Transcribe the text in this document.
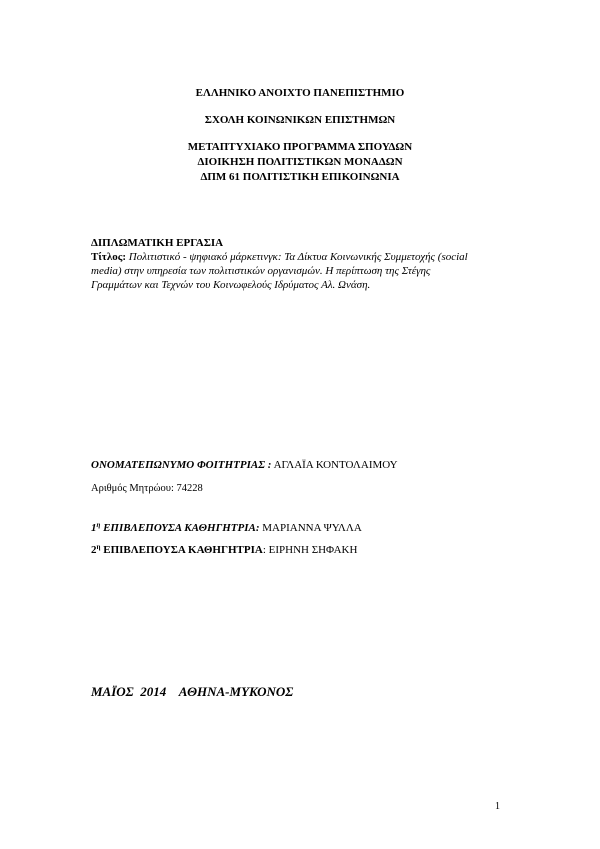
ΕΛΛΗΝΙΚΟ ΑΝΟΙΧΤΟ ΠΑΝΕΠΙΣΤΗΜΙΟ
ΣΧΟΛΗ ΚΟΙΝΩΝΙΚΩΝ ΕΠΙΣΤΗΜΩΝ
ΜΕΤΑΠΤΥΧΙΑΚΟ ΠΡΟΓΡΑΜΜΑ ΣΠΟΥΔΩΝ
ΔΙΟΙΚΗΣΗ ΠΟΛΙΤΙΣΤΙΚΩΝ ΜΟΝΑΔΩΝ
ΔΠΜ 61 ΠΟΛΙΤΙΣΤΙΚΗ ΕΠΙΚΟΙΝΩΝΙΑ
ΔΙΠΛΩΜΑΤΙΚΗ ΕΡΓΑΣΙΑ
Τίτλος: Πολιτιστικό - ψηφιακό μάρκετινγκ: Τα Δίκτυα Κοινωνικής Συμμετοχής (social
media) στην υπηρεσία των πολιτιστικών οργανισμών. Η περίπτωση της Στέγης
Γραμμάτων και Τεχνών του Κοινωφελούς Ιδρύματος Αλ. Ωνάση.
ΟΝΟΜΑΤΕΠΩΝΥΜΟ ΦΟΙΤΗΤΡΙΑΣ : ΑΓΛΑΪΑ ΚΟΝΤΟΛΑΙΜΟΥ
Αριθμός Μητρώου: 74228
$1^\eta$ ΕΠΙΒΛΕΠΟΥΣΑ ΚΑΘΗΓΗΤΡΙΑ: ΜΑΡΙΑΝΝΑ ΨΥΛΛΑ
$2^\eta$ ΕΠΙΒΛΕΠΟΥΣΑ ΚΑΘΗΓΗΤΡΙΑ: ΕΙΡΗΝΗ ΣΗΦΑΚΗ
ΜΑΪΟΣ  2014    ΑΘΗΝΑ-ΜΥΚΟΝΟΣ
1
